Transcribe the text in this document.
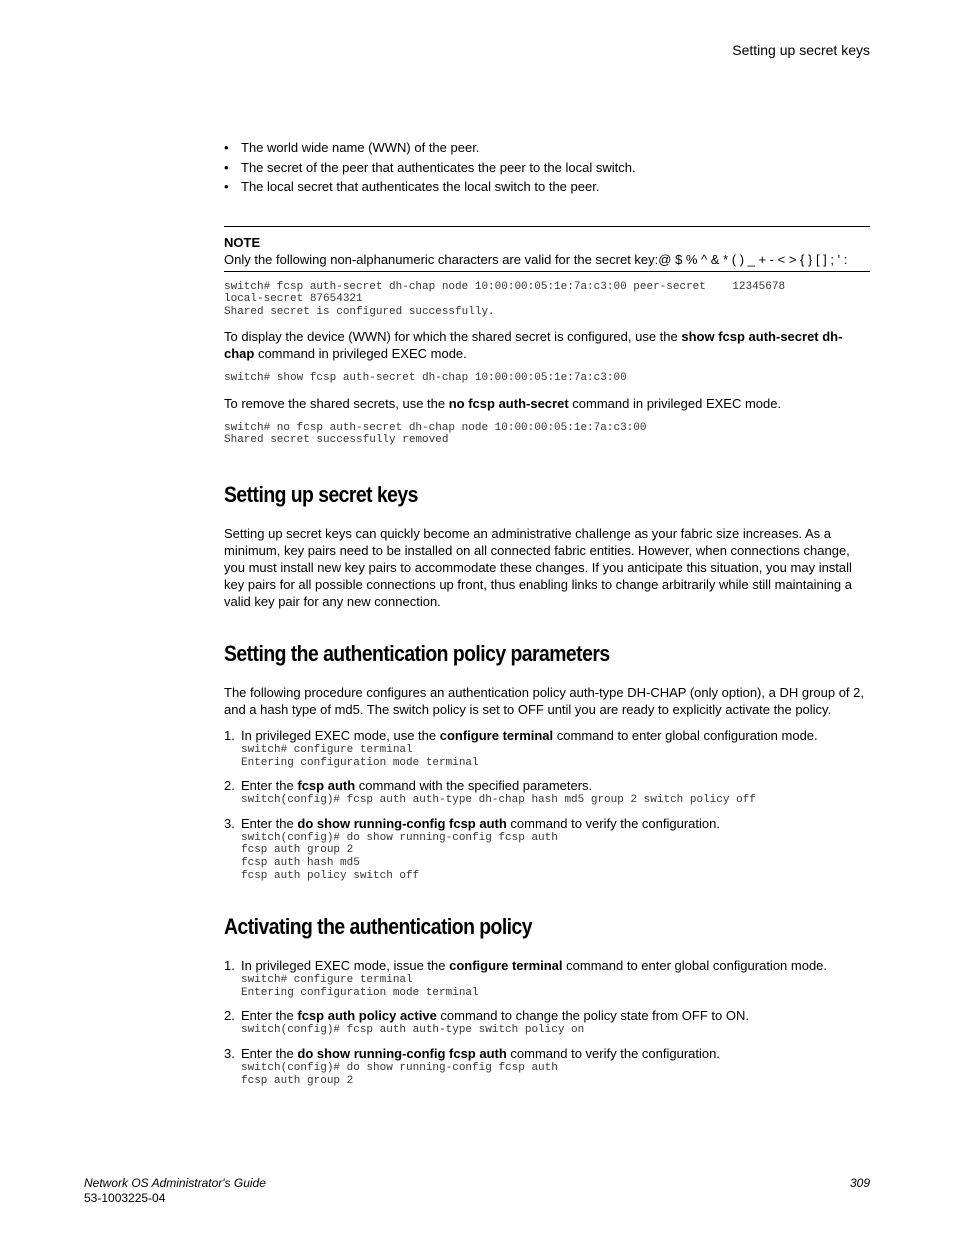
Setting up secret keys
• The world wide name (WWN) of the peer.
• The secret of the peer that authenticates the peer to the local switch.
• The local secret that authenticates the local switch to the peer.
NOTE
Only the following non-alphanumeric characters are valid for the secret key:@ $ % ^ & * ( ) _ + - < > { } [ ] ; ' :
switch# fcsp auth-secret dh-chap node 10:00:00:05:1e:7a:c3:00 peer-secret    12345678
local-secret 87654321
Shared secret is configured successfully.

To display the device (WWN) for which the shared secret is configured, use the show fcsp auth-secret dh-chap command in privileged EXEC mode.

switch# show fcsp auth-secret dh-chap 10:00:00:05:1e:7a:c3:00

To remove the shared secrets, use the no fcsp auth-secret command in privileged EXEC mode.

switch# no fcsp auth-secret dh-chap node 10:00:00:05:1e:7a:c3:00
Shared secret successfully removed
Setting up secret keys

Setting up secret keys can quickly become an administrative challenge as your fabric size increases. As a minimum, key pairs need to be installed on all connected fabric entities. However, when connections change, you must install new key pairs to accommodate these changes. If you anticipate this situation, you may install key pairs for all possible connections up front, thus enabling links to change arbitrarily while still maintaining a valid key pair for any new connection.

Setting the authentication policy parameters

The following procedure configures an authentication policy auth-type DH-CHAP (only option), a DH group of 2, and a hash type of md5. The switch policy is set to OFF until you are ready to explicitly activate the policy.

1. In privileged EXEC mode, use the configure terminal command to enter global configuration mode.
switch# configure terminal
Entering configuration mode terminal
2. Enter the fcsp auth command with the specified parameters.
switch(config)# fcsp auth auth-type dh-chap hash md5 group 2 switch policy off
3. Enter the do show running-config fcsp auth command to verify the configuration.
switch(config)# do show running-config fcsp auth
fcsp auth group 2
fcsp auth hash md5
fcsp auth policy switch off
Activating the authentication policy
1. In privileged EXEC mode, issue the configure terminal command to enter global configuration mode.
switch# configure terminal
Entering configuration mode terminal
2. Enter the fcsp auth policy active command to change the policy state from OFF to ON.
switch(config)# fcsp auth auth-type switch policy on
3. Enter the do show running-config fcsp auth command to verify the configuration.
switch(config)# do show running-config fcsp auth
fcsp auth group 2
Network OS Administrator's Guide
53-1003225-04
309
